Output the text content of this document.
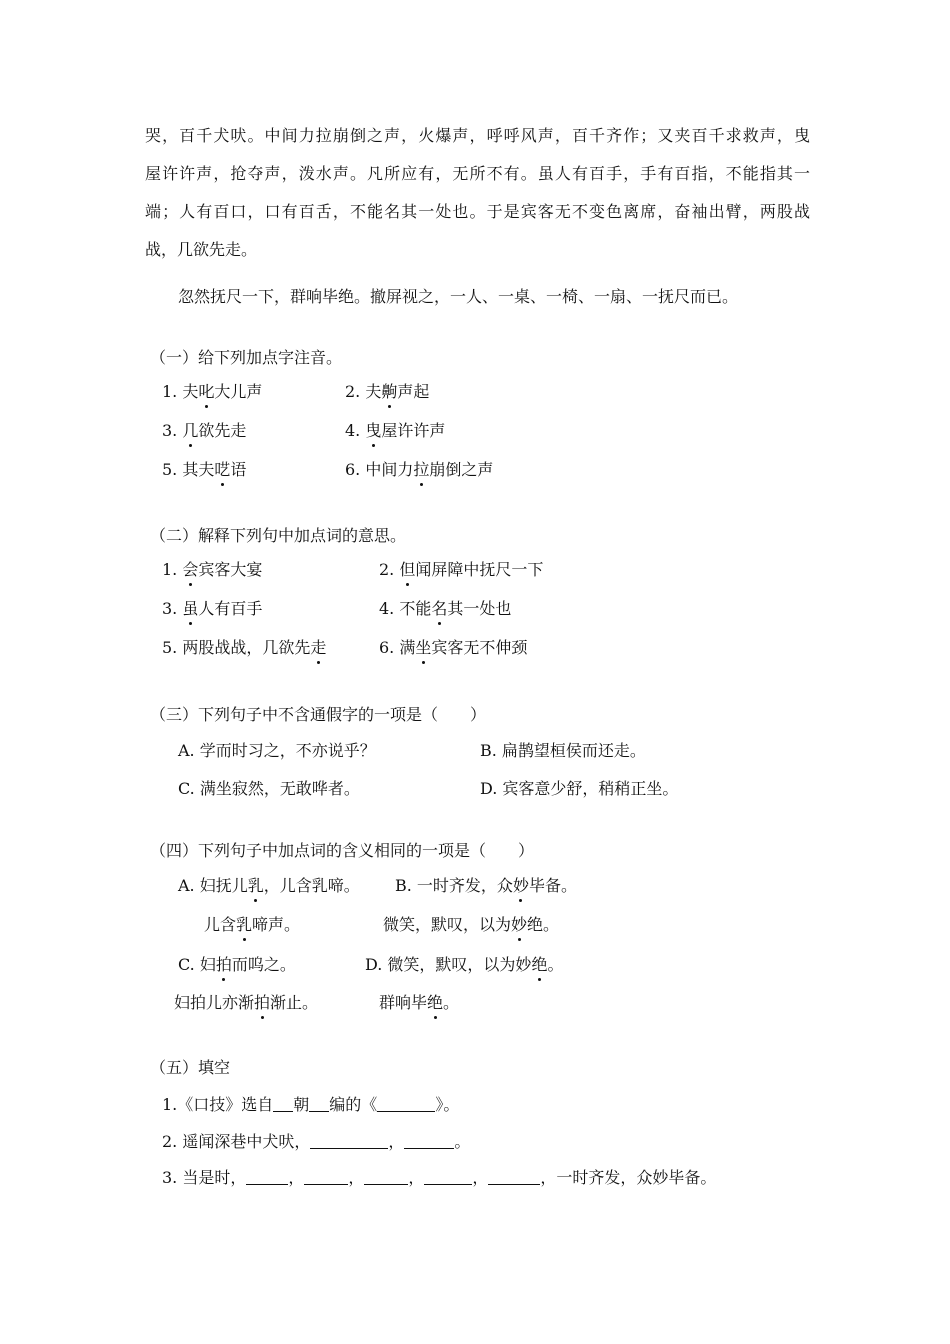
哭，百千犬吠。中间力拉崩倒之声，火爆声，呼呼风声，百千齐作；又夹百千求救声，曳
屋许许声，抢夺声，泼水声。凡所应有，无所不有。虽人有百手，手有百指，不能指其一
端；人有百口，口有百舌，不能名其一处也。于是宾客无不变色离席，奋袖出臂，两股战
战，几欲先走。
忽然抚尺一下，群响毕绝。撤屏视之，一人、一桌、一椅、一扇、一抚尺而已。
（一）给下列加点字注音。
1. 夫叱大儿声	2. 夫齁声起
3. 几欲先走	4. 曳屋许许声
5. 其夫呓语	6. 中间力拉崩倒之声
（二）解释下列句中加点词的意思。
1. 会宾客大宴	2. 但闻屏障中抚尺一下
3. 虽人有百手	4. 不能名其一处也
5. 两股战战，几欲先走	6. 满坐宾客无不伸颈
（三）下列句子中不含通假字的一项是（　　）
A. 学而时习之，不亦说乎？	B. 扁鹊望桓侯而还走。
C. 满坐寂然，无敢哗者。	D. 宾客意少舒，稍稍正坐。
（四）下列句子中加点词的含义相同的一项是（　　）
A. 妇抚儿乳，儿含乳啼。 B. 一时齐发，众妙毕备。
儿含乳啼声。	微笑，默叹，以为妙绝。
C. 妇拍而呜之。	D. 微笑，默叹，以为妙绝。
妇拍儿亦渐拍渐止。	群响毕绝。
（五）填空
1.《口技》选自 朝 编的《	》。
2. 遥闻深巷中犬吠，	，	。
3. 当是时，	，	，	，	，	，一时齐发，众妙毕备。
